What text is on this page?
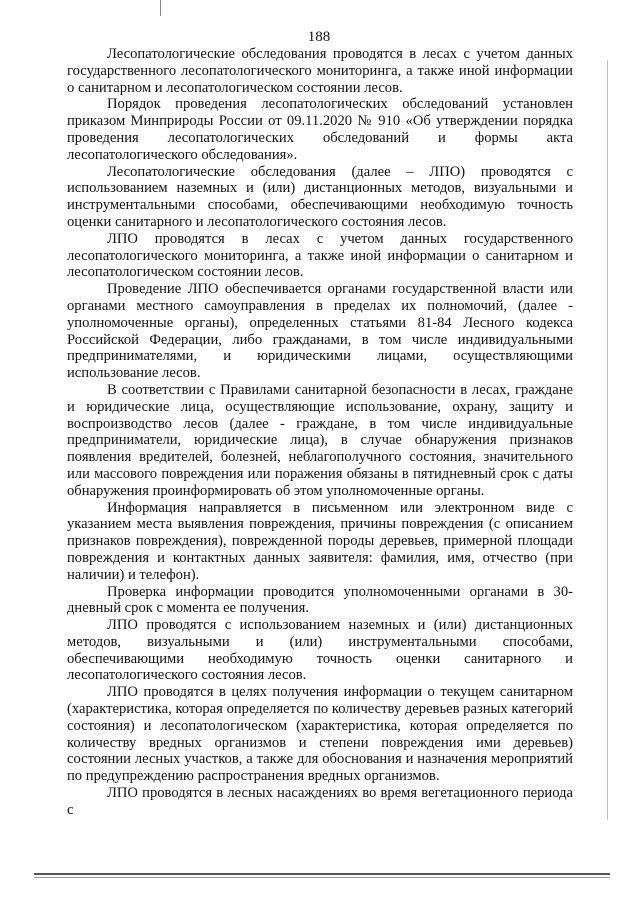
188

Лесопатологические обследования проводятся в лесах с учетом данных государственного лесопатологического мониторинга, а также иной информации о санитарном и лесопатологическом состоянии лесов.

Порядок проведения лесопатологических обследований установлен приказом Минприроды России от 09.11.2020 № 910 «Об утверждении порядка проведения лесопатологических обследований и формы акта лесопатологического обследования».

Лесопатологические обследования (далее – ЛПО) проводятся с использованием наземных и (или) дистанционных методов, визуальными и инструментальными способами, обеспечивающими необходимую точность оценки санитарного и лесопатологического состояния лесов.

ЛПО проводятся в лесах с учетом данных государственного лесопатологического мониторинга, а также иной информации о санитарном и лесопатологическом состоянии лесов.

Проведение ЛПО обеспечивается органами государственной власти или органами местного самоуправления в пределах их полномочий, (далее - уполномоченные органы), определенных статьями 81-84 Лесного кодекса Российской Федерации, либо гражданами, в том числе индивидуальными предпринимателями, и юридическими лицами, осуществляющими использование лесов.

В соответствии с Правилами санитарной безопасности в лесах, граждане и юридические лица, осуществляющие использование, охрану, защиту и воспроизводство лесов (далее - граждане, в том числе индивидуальные предприниматели, юридические лица), в случае обнаружения признаков появления вредителей, болезней, неблагополучного состояния, значительного или массового повреждения или поражения обязаны в пятидневный срок с даты обнаружения проинформировать об этом уполномоченные органы.

Информация направляется в письменном или электронном виде с указанием места выявления повреждения, причины повреждения (с описанием признаков повреждения), поврежденной породы деревьев, примерной площади повреждения и контактных данных заявителя: фамилия, имя, отчество (при наличии) и телефон).

Проверка информации проводится уполномоченными органами в 30-дневный срок с момента ее получения.

ЛПО проводятся с использованием наземных и (или) дистанционных методов, визуальными и (или) инструментальными способами, обеспечивающими необходимую точность оценки санитарного и лесопатологического состояния лесов.

ЛПО проводятся в целях получения информации о текущем санитарном (характеристика, которая определяется по количеству деревьев разных категорий состояния) и лесопатологическом (характеристика, которая определяется по количеству вредных организмов и степени повреждения ими деревьев) состоянии лесных участков, а также для обоснования и назначения мероприятий по предупреждению распространения вредных организмов.

ЛПО проводятся в лесных насаждениях во время вегетационного периода с
